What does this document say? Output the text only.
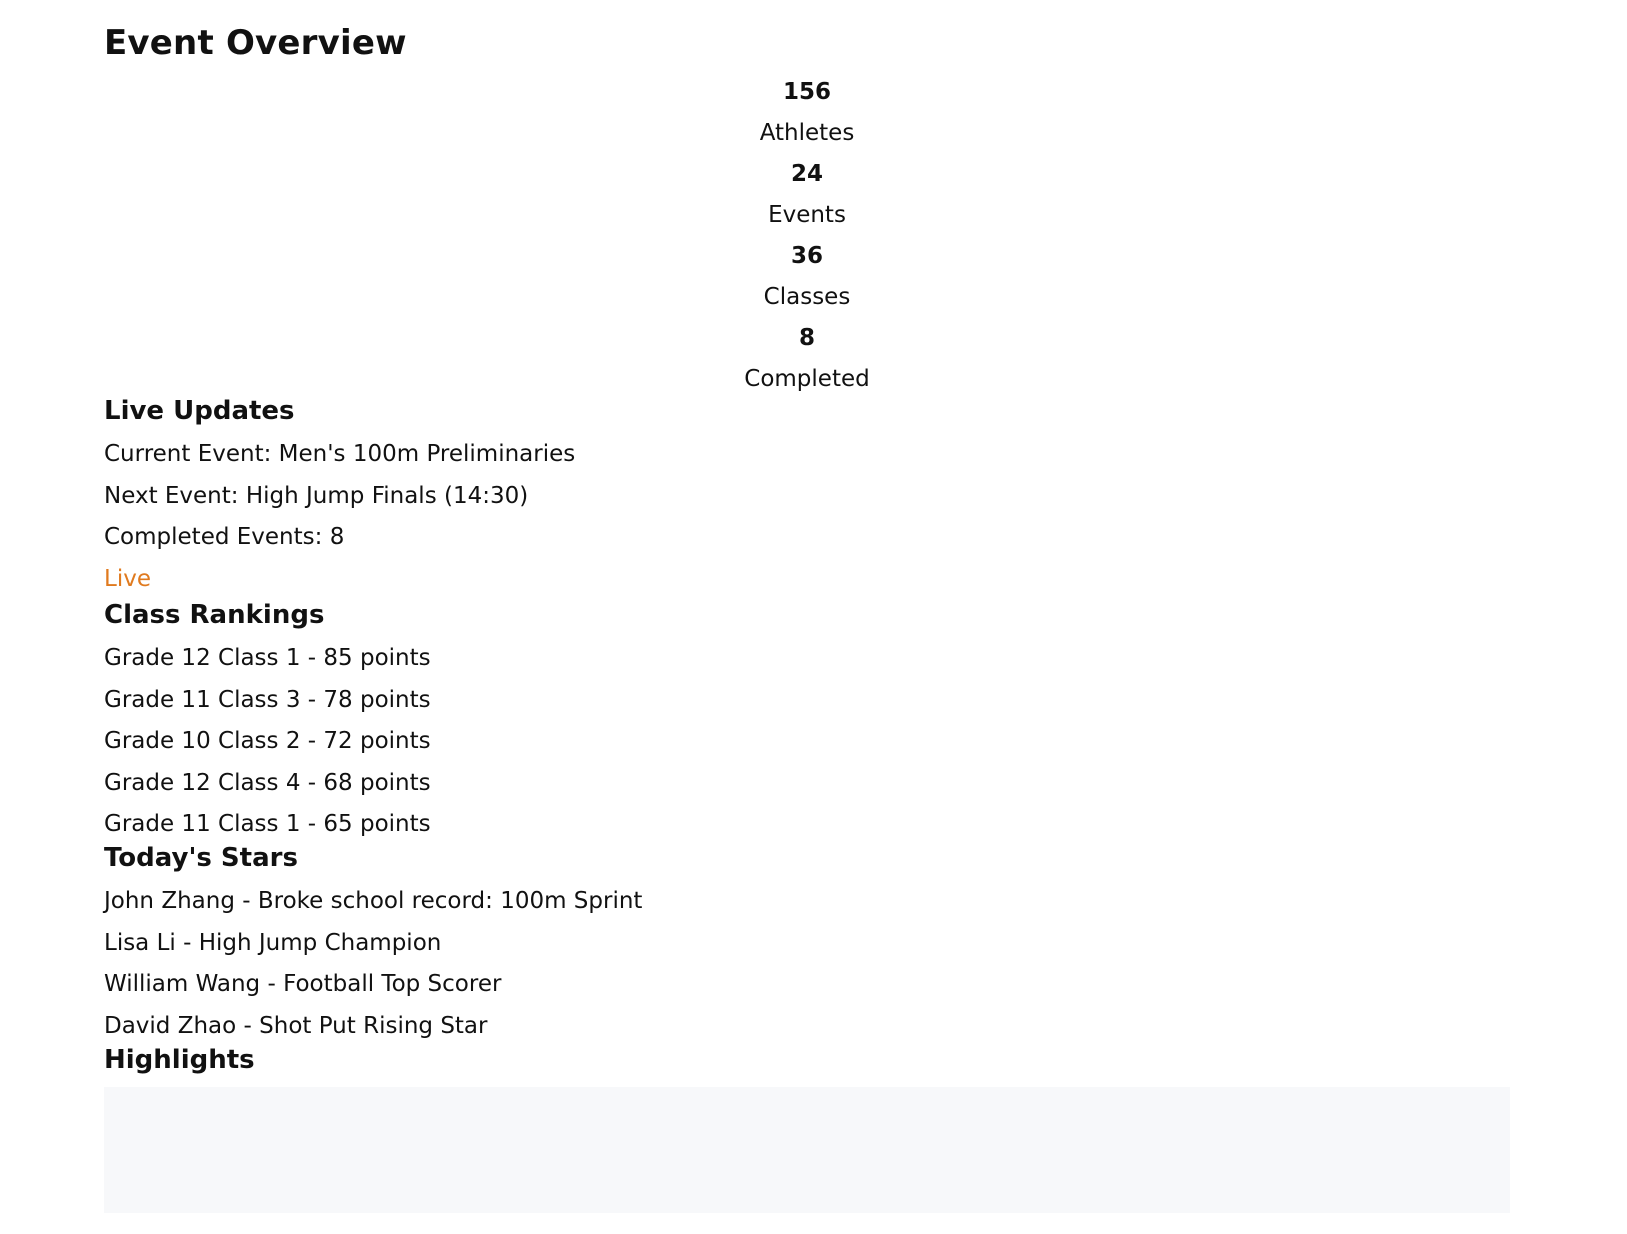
Event Overview
156
Athletes
24
Events
36
Classes
8
Completed
Live Updates
Current Event: Men's 100m Preliminaries
Next Event: High Jump Finals (14:30)
Completed Events: 8
Live
Class Rankings
Grade 12 Class 1 - 85 points
Grade 11 Class 3 - 78 points
Grade 10 Class 2 - 72 points
Grade 12 Class 4 - 68 points
Grade 11 Class 1 - 65 points
Today's Stars
John Zhang - Broke school record: 100m Sprint
Lisa Li - High Jump Champion
William Wang - Football Top Scorer
David Zhao - Shot Put Rising Star
Highlights
